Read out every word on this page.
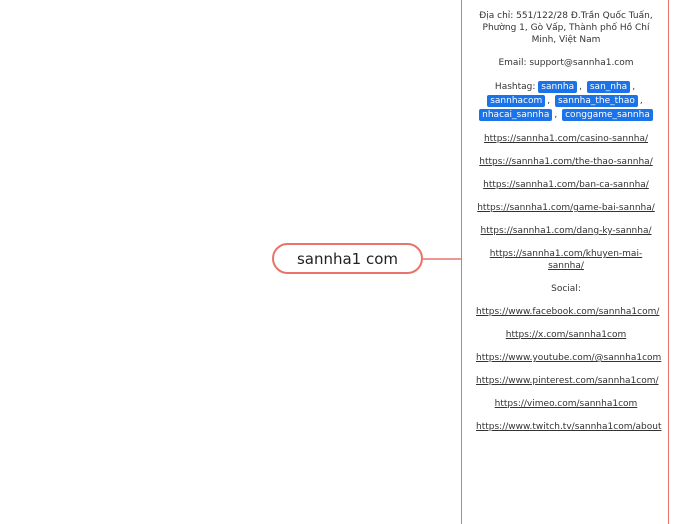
sannha1 com
Địa chỉ: 551/122/28 Đ.Trần Quốc Tuấn, Phường 1, Gò Vấp, Thành phố Hồ Chí Minh, Việt Nam
Email: support@sannha1.com
Hashtag: sannha , san_nha , sannhacom , sannha_the_thao , nhacai_sannha , conggame_sannha
https://sannha1.com/casino-sannha/
https://sannha1.com/the-thao-sannha/
https://sannha1.com/ban-ca-sannha/
https://sannha1.com/game-bai-sannha/
https://sannha1.com/dang-ky-sannha/
https://sannha1.com/khuyen-mai-sannha/
Social:
https://www.facebook.com/sannha1com/
https://x.com/sannha1com
https://www.youtube.com/@sannha1com
https://www.pinterest.com/sannha1com/
https://vimeo.com/sannha1com
https://www.twitch.tv/sannha1com/about
